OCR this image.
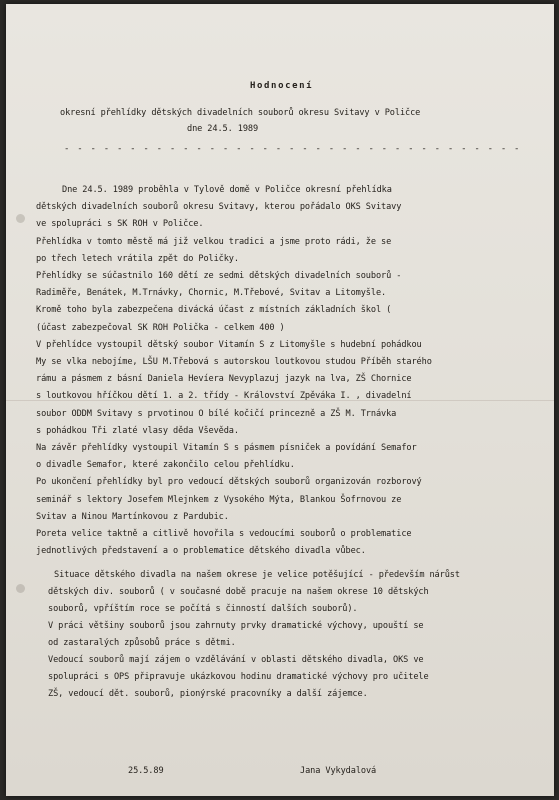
Hodnocení
okresní přehlídky dětských divadelních souborů okresu Svitavy v Poličce
dne 24.5. 1989
- - - - - - - - - - - - - - - - - - - - - - - - - - - - - - - - - - -
Dne 24.5. 1989 proběhla v Tylově domě v Poličce okresní přehlídka
dětských divadelních souborů okresu Svitavy, kterou pořádalo OKS Svitavy
ve spolupráci s SK ROH v Poličce.
Přehlídka v tomto městě má již velkou tradici a jsme proto rádi, že se
po třech letech vrátila zpět do Poličky.
Přehlídky se súčastnilo 160 dětí ze sedmi dětských divadelních souborů -
Radiměře, Benátek, M.Trnávky, Chornic, M.Třebové, Svitav a Litomyšle.
Kromě toho byla zabezpečena divácká účast z místních základních škol (
(účast zabezpečoval SK ROH Polička - celkem 400 )
V přehlídce vystoupil dětský soubor Vitamín S z Litomyšle s hudební pohádkou
My se vlka nebojíme, LŠU M.Třebová s autorskou loutkovou studou Příběh starého
rámu a pásmem z básní Daniela Hevíera Nevyplazuj jazyk na lva, ZŠ Chornice
s loutkovou hříčkou dětí 1. a 2. třídy - Království Zpěváka I. , divadelní
soubor ODDM Svitavy s prvotinou O bílé kočičí princezně a ZŠ M. Trnávka
s pohádkou Tři zlaté vlasy děda Vševěda.
Na závěr přehlídky vystoupil Vitamín S s pásmem písniček a povídání Semafor
o divadle Semafor, které zakončilo celou přehlídku.
Po ukončení přehlídky byl pro vedoucí dětských souborů organizován rozborový
seminář s lektory Josefem Mlejnkem z Vysokého Mýta, Blankou Šofrnovou ze
Svitav a Ninou Martínkovou z Pardubic.
Poreta velice taktně a citlivě hovořila s vedoucími souborů o problematice
jednotlivých představení a o problematice dětského divadla vůbec.
Situace dětského divadla na našem okrese je velice potěšující - především nárůst
dětských div. souborů ( v současné době pracuje na našem okrese 10 dětských
souborů, vpříštím roce se počítá s činností dalších souborů).
V práci většiny souborů jsou zahrnuty prvky dramatické výchovy, upouští se
od zastaralých způsobů práce s dětmi.
Vedoucí souborů mají zájem o vzdělávání v oblasti dětského divadla, OKS ve
spolupráci s OPS připravuje ukázkovou hodinu dramatické výchovy pro učitele
ZŠ, vedoucí dět. souborů, pionýrské pracovníky a další zájemce.
25.5.89	Jana Vykydalová
